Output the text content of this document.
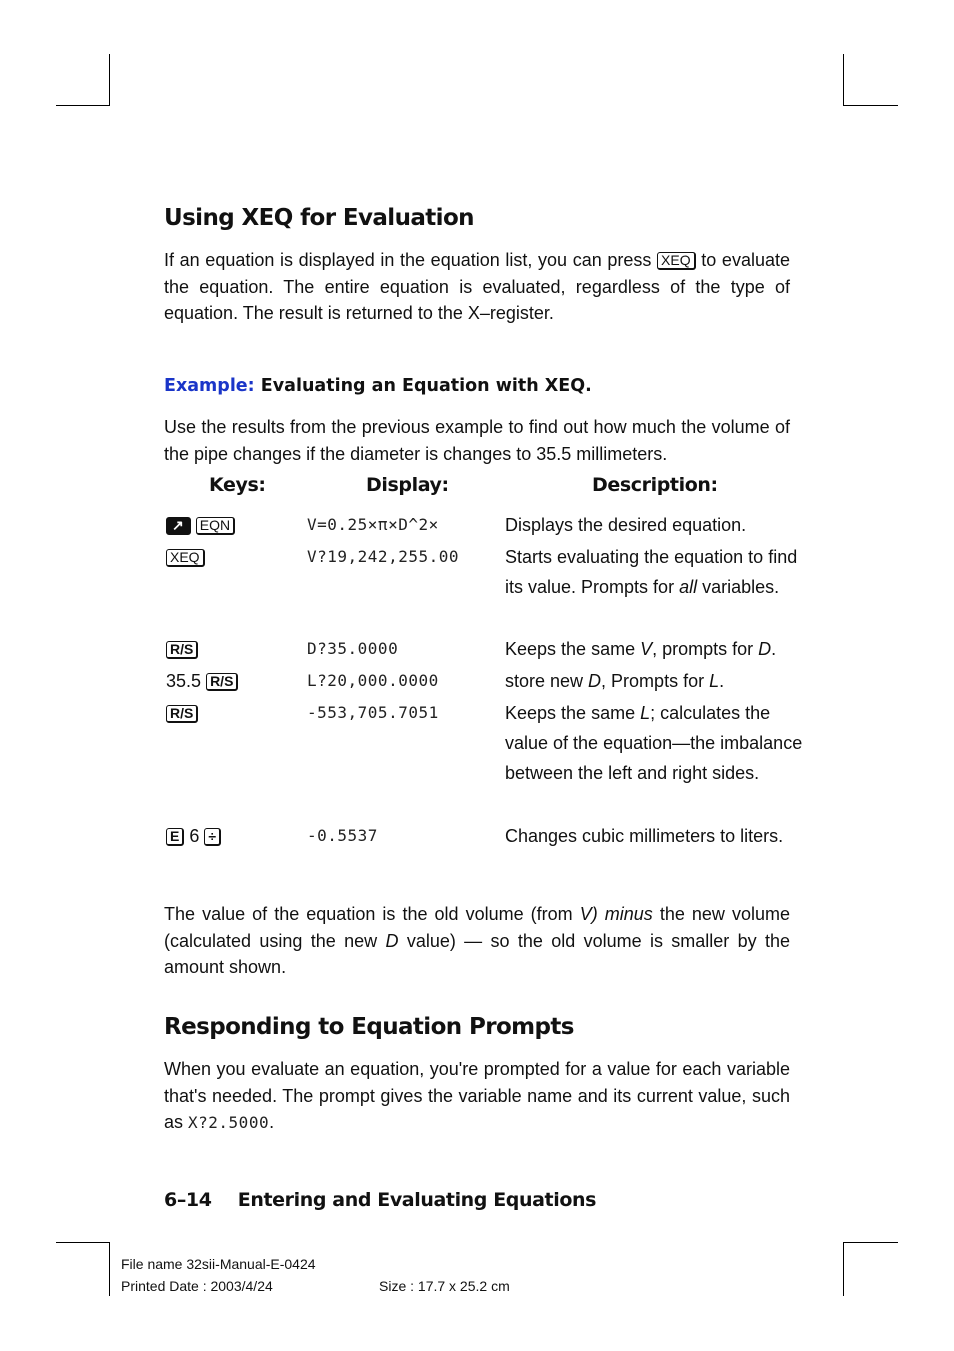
Using XEQ for Evaluation

If an equation is displayed in the equation list, you can press XEQ to evaluate the equation. The entire equation is evaluated, regardless of the type of equation. The result is returned to the X–register.

Example: Evaluating an Equation with XEQ.

Use the results from the previous example to find out how much the volume of the pipe changes if the diameter is changes to 35.5 millimeters.

Keys:	Display:	Description:
↗ EQN	V=0.25×π×D^2×	Displays the desired equation.
XEQ	V?19,242,255.00	Starts evaluating the equation to find its value. Prompts for all variables.
R/S	D?35.0000	Keeps the same V, prompts for D.
35.5 R/S	L?20,000.0000	store new D, Prompts for L.
R/S	-553,705.7051	Keeps the same L; calculates the value of the equation—the imbalance between the left and right sides.
E 6 ÷	-0.5537	Changes cubic millimeters to liters.

The value of the equation is the old volume (from V) minus the new volume (calculated using the new D value) — so the old volume is smaller by the amount shown.

Responding to Equation Prompts

When you evaluate an equation, you're prompted for a value for each variable that's needed. The prompt gives the variable name and its current value, such as X?2.5000.

6–14 Entering and Evaluating Equations
File name 32sii-Manual-E-0424
Printed Date : 2003/4/24	Size : 17.7 x 25.2 cm
